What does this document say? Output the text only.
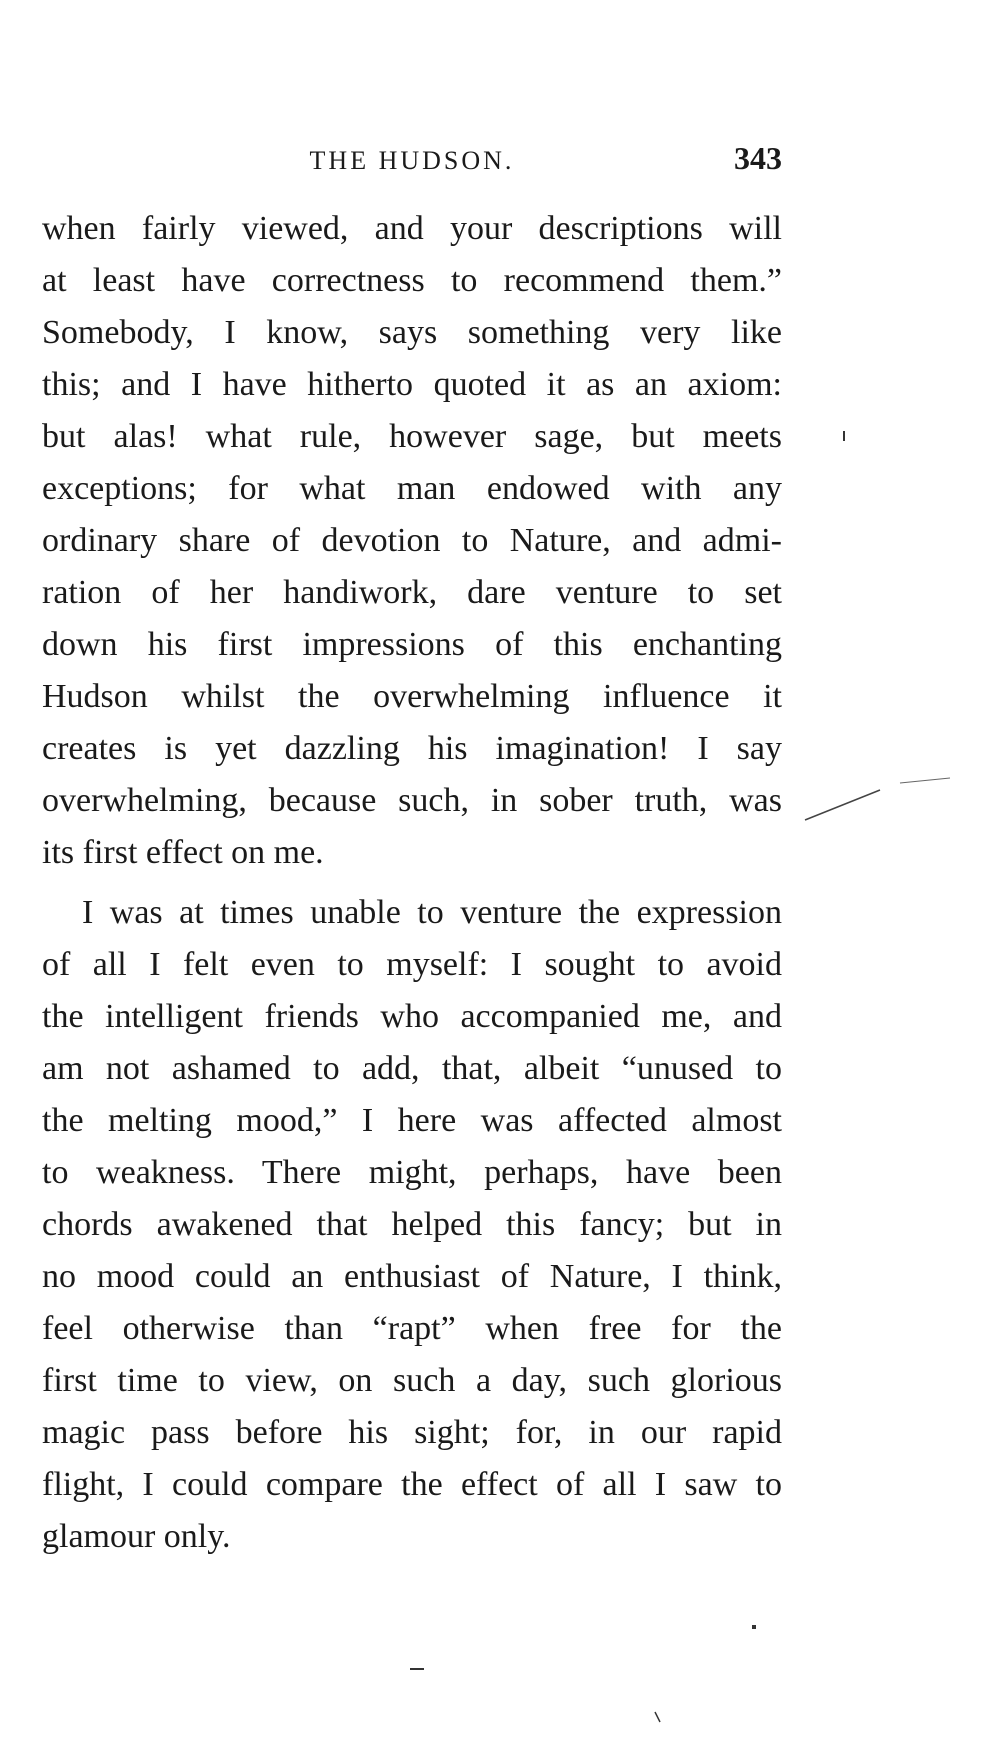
THE HUDSON.	343
when fairly viewed, and your descriptions will
at least have correctness to recommend them.”
Somebody, I know, says something very like
this; and I have hitherto quoted it as an axiom:
but alas! what rule, however sage, but meets
exceptions; for what man endowed with any
ordinary share of devotion to Nature, and admi-
ration of her handiwork, dare venture to set
down his first impressions of this enchanting
Hudson whilst the overwhelming influence it
creates is yet dazzling his imagination! I say
overwhelming, because such, in sober truth, was
its first effect on me.
I was at times unable to venture the expression
of all I felt even to myself: I sought to avoid
the intelligent friends who accompanied me, and
am not ashamed to add, that, albeit “unused to
the melting mood,” I here was affected almost
to weakness. There might, perhaps, have been
chords awakened that helped this fancy; but in
no mood could an enthusiast of Nature, I think,
feel otherwise than “rapt” when free for the
first time to view, on such a day, such glorious
magic pass before his sight; for, in our rapid
flight, I could compare the effect of all I saw to
glamour only.
